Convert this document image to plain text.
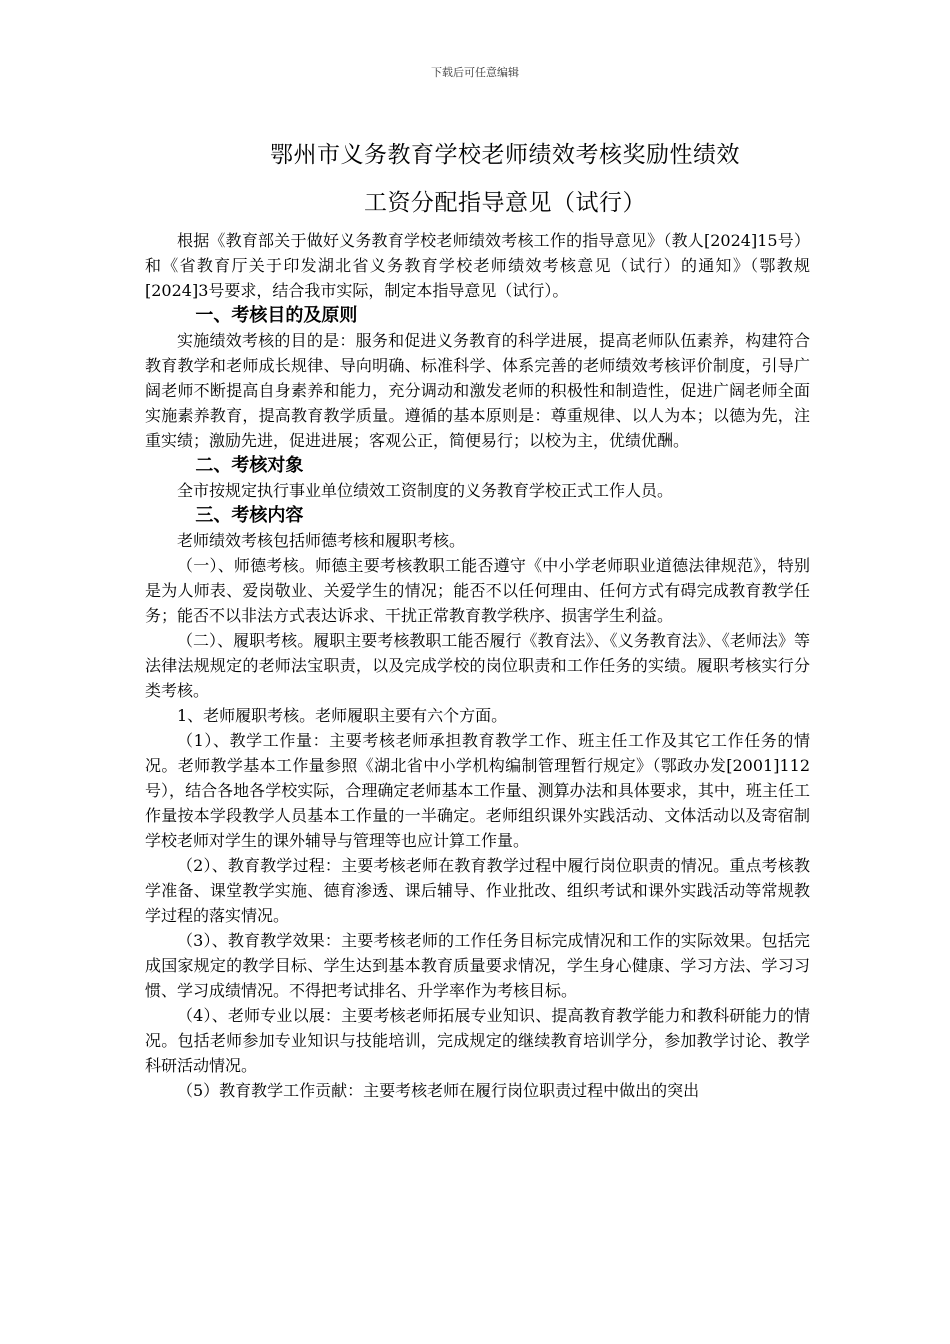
下载后可任意编辑
鄂州市义务教育学校老师绩效考核奖励性绩效
工资分配指导意见（试行）

根据《教育部关于做好义务教育学校老师绩效考核工作的指导意见》（教人[2024]15号）和《省教育厅关于印发湖北省义务教育学校老师绩效考核意见（试行）的通知》（鄂教规[2024]3号要求，结合我市实际，制定本指导意见（试行）。

一、考核目的及原则

实施绩效考核的目的是：服务和促进义务教育的科学进展，提高老师队伍素养，构建符合教育教学和老师成长规律、导向明确、标准科学、体系完善的老师绩效考核评价制度，引导广阔老师不断提高自身素养和能力，充分调动和激发老师的积极性和制造性，促进广阔老师全面实施素养教育，提高教育教学质量。遵循的基本原则是：尊重规律、以人为本；以德为先，注重实绩；激励先进，促进进展；客观公正，简便易行；以校为主，优绩优酬。

二、考核对象

全市按规定执行事业单位绩效工资制度的义务教育学校正式工作人员。

三、考核内容

老师绩效考核包括师德考核和履职考核。

（一）、师德考核。师德主要考核教职工能否遵守《中小学老师职业道德法律规范》，特别是为人师表、爱岗敬业、关爱学生的情况；能否不以任何理由、任何方式有碍完成教育教学任务；能否不以非法方式表达诉求、干扰正常教育教学秩序、损害学生利益。

（二）、履职考核。履职主要考核教职工能否履行《教育法》、《义务教育法》、《老师法》等法律法规规定的老师法宝职责，以及完成学校的岗位职责和工作任务的实绩。履职考核实行分类考核。

1、老师履职考核。老师履职主要有六个方面。

（1）、教学工作量：主要考核老师承担教育教学工作、班主任工作及其它工作任务的情况。老师教学基本工作量参照《湖北省中小学机构编制管理暂行规定》（鄂政办发[2001]112号），结合各地各学校实际，合理确定老师基本工作量、测算办法和具体要求，其中，班主任工作量按本学段教学人员基本工作量的一半确定。老师组织课外实践活动、文体活动以及寄宿制学校老师对学生的课外辅导与管理等也应计算工作量。

（2）、教育教学过程：主要考核老师在教育教学过程中履行岗位职责的情况。重点考核教学准备、课堂教学实施、德育渗透、课后辅导、作业批改、组织考试和课外实践活动等常规教学过程的落实情况。

（3）、教育教学效果：主要考核老师的工作任务目标完成情况和工作的实际效果。包括完成国家规定的教学目标、学生达到基本教育质量要求情况，学生身心健康、学习方法、学习习惯、学习成绩情况。不得把考试排名、升学率作为考核目标。

（4）、老师专业以展：主要考核老师拓展专业知识、提高教育教学能力和教科研能力的情况。包括老师参加专业知识与技能培训，完成规定的继续教育培训学分，参加教学讨论、教学科研活动情况。

（5）教育教学工作贡献：主要考核老师在履行岗位职责过程中做出的突出
